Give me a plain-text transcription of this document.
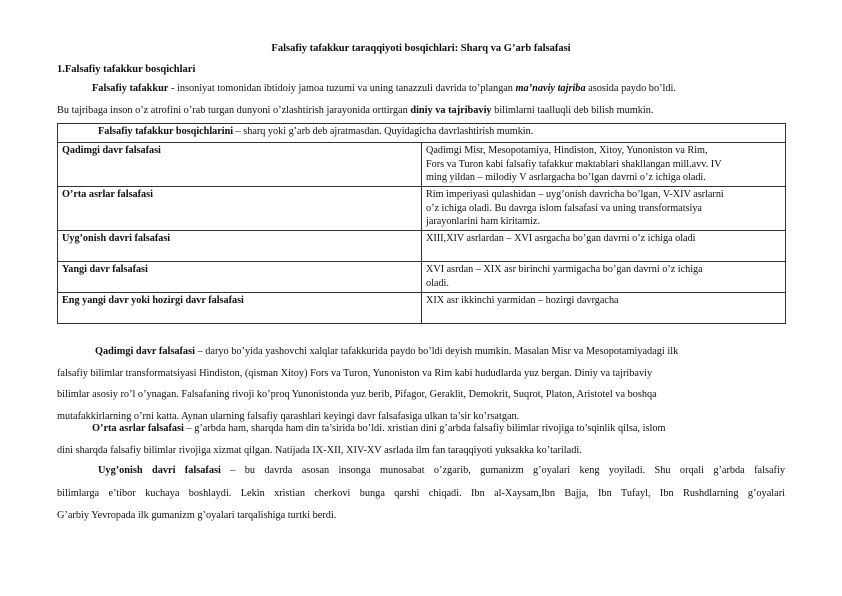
Falsafiy tafakkur taraqqiyoti bosqichlari: Sharq va G’arb falsafasi
1.Falsafiy tafakkur bosqichlari
Falsafiy tafakkur - insoniyat tomonidan ibtidoiy jamoa tuzumi va uning tanazzuli davrida to’plangan ma’naviy tajriba asosida paydo bo’ldi.
Bu tajribaga inson o’z atrofini o’rab turgan dunyoni o’zlashtirish jarayonida orttirgan diniy va tajribaviy bilimlarni taalluqli deb bilish mumkin.
Falsafiy tafakkur bosqichlarini – sharq yoki g’arb deb ajratmasdan. Quyidagicha davrlashtirish mumkin.	
Qadimgi davr falsafasi	Qadimgi Misr, Mesopotamiya, Hindiston, Xitoy, Yunoniston va Rim,
Fors va Turon kabi falsafiy tafakkur maktablari shakllangan mill.avv. IV
ming yildan – milodiy V asrlargacha bo’lgan davrni o’z ichiga oladi.

O’rta asrlar falsafasi	Rim imperiyasi qulashidan – uyg’onish davricha bo’lgan, V-XIV asrlarni
o’z ichiga oladi. Bu davrga islom falsafasi va uning transformatsiya
jarayonlarini ham kiritamiz.

Uyg’onish davri falsafasi	XIII,XIV asrlardan – XVI asrgacha bo’gan davrni o’z ichiga oladi

Yangi davr falsafasi	XVI asrdan – XIX asr birinchi yarmigacha bo’gan davrni o’z ichiga
oladi.

Eng yangi davr yoki hozirgi davr falsafasi	XIX asr ikkinchi yarmidan – hozirgi davrgacha
Qadimgi davr falsafasi – daryo bo’yida yashovchi xalqlar tafakkurida paydo bo’ldi deyish mumkin. Masalan Misr va Mesopotamiyadagi ilk
falsafiy bilimlar transformatsiyasi Hindiston, (qisman Xitoy) Fors va Turon, Yunoniston va Rim kabi hududlarda yuz bergan. Diniy va tajribaviy
bilimlar asosiy ro’l o’ynagan. Falsafaning rivoji ko’proq Yunonistonda yuz berib, Pifagor, Geraklit, Demokrit, Suqrot, Platon, Aristotel va boshqa
mutafakkirlarning o’rni katta. Aynan ularning falsafiy qarashlari keyingi davr falsafasiga ulkan ta’sir ko’rsatgan.
O’rta asrlar falsafasi – g’arbda ham, sharqda ham din ta’sirida bo’ldi. xristian dini g’arbda falsafiy bilimlar rivojiga to’sqinlik qilsa, islom
dini sharqda falsafiy bilimlar rivojiga xizmat qilgan. Natijada IX-XII, XIV-XV asrlada ilm fan taraqqiyoti yuksakka ko’tariladi.
Uyg’onish davri falsafasi – bu davrda asosan insonga munosabat o’zgarib, gumanizm g’oyalari keng yoyiladi. Shu orqali g’arbda falsafiy
bilimlarga e’tibor kuchaya boshlaydi. Lekin xristian cherkovi bunga qarshi chiqadi. Ibn al-Xaysam,Ibn Bajja, Ibn Tufayl, Ibn Rushdlarning g’oyalari
G’arbiy Yevropada ilk gumanizm g’oyalari tarqalishiga turtki berdi.
